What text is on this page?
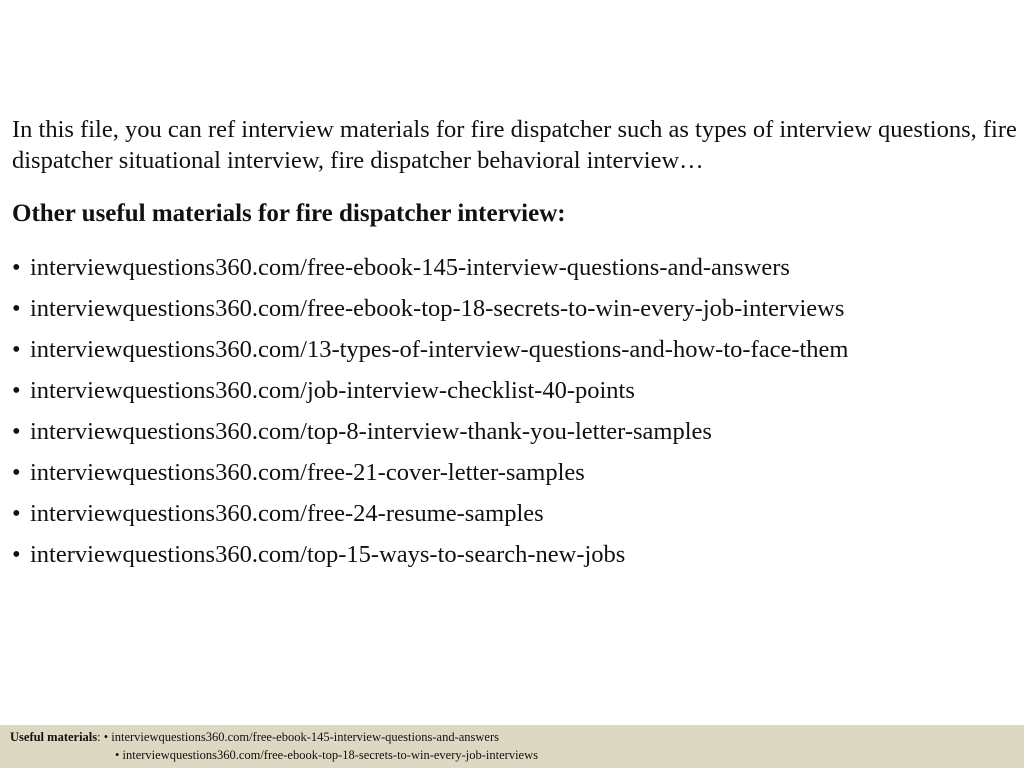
In this file, you can ref interview materials for fire dispatcher such as types of interview questions, fire dispatcher situational interview, fire dispatcher behavioral interview…

Other useful materials for fire dispatcher interview:
• interviewquestions360.com/free-ebook-145-interview-questions-and-answers
• interviewquestions360.com/free-ebook-top-18-secrets-to-win-every-job-interviews
• interviewquestions360.com/13-types-of-interview-questions-and-how-to-face-them
• interviewquestions360.com/job-interview-checklist-40-points
• interviewquestions360.com/top-8-interview-thank-you-letter-samples
• interviewquestions360.com/free-21-cover-letter-samples
• interviewquestions360.com/free-24-resume-samples
• interviewquestions360.com/top-15-ways-to-search-new-jobs
Useful materials: • interviewquestions360.com/free-ebook-145-interview-questions-and-answers
• interviewquestions360.com/free-ebook-top-18-secrets-to-win-every-job-interviews
